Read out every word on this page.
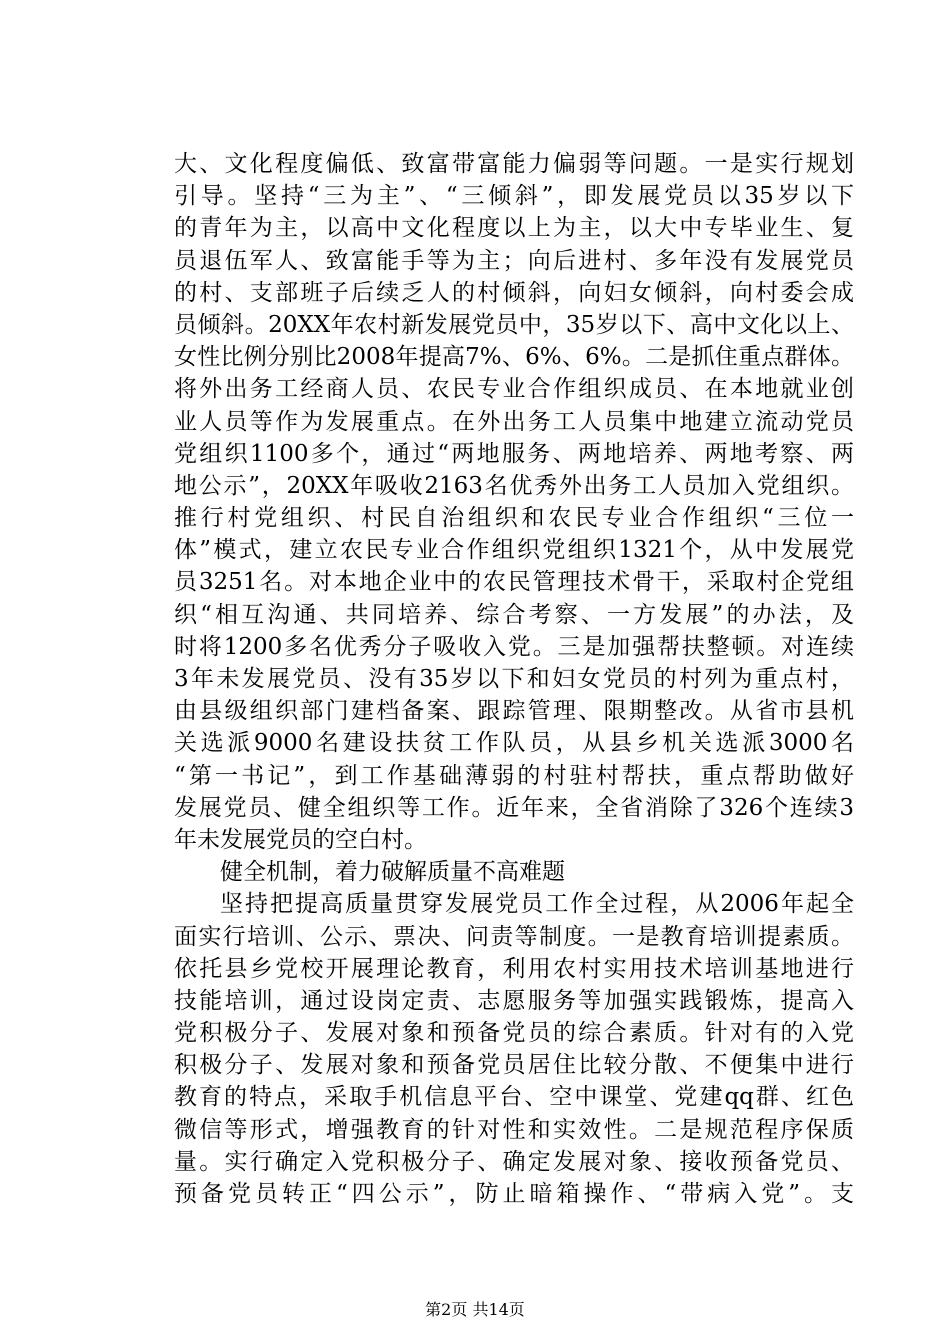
大、文化程度偏低、致富带富能力偏弱等问题。一是实行规划
引导。坚持“三为主”、“三倾斜”，即发展党员以35岁以下
的青年为主，以高中文化程度以上为主，以大中专毕业生、复
员退伍军人、致富能手等为主；向后进村、多年没有发展党员
的村、支部班子后续乏人的村倾斜，向妇女倾斜，向村委会成
员倾斜。20XX年农村新发展党员中，35岁以下、高中文化以上、
女性比例分别比2008年提高7%、6%、6%。二是抓住重点群体。
将外出务工经商人员、农民专业合作组织成员、在本地就业创
业人员等作为发展重点。在外出务工人员集中地建立流动党员
党组织1100多个，通过“两地服务、两地培养、两地考察、两
地公示”，20XX年吸收2163名优秀外出务工人员加入党组织。
推行村党组织、村民自治组织和农民专业合作组织“三位一
体”模式，建立农民专业合作组织党组织1321个，从中发展党
员3251名。对本地企业中的农民管理技术骨干，采取村企党组
织“相互沟通、共同培养、综合考察、一方发展”的办法，及
时将1200多名优秀分子吸收入党。三是加强帮扶整顿。对连续
3年未发展党员、没有35岁以下和妇女党员的村列为重点村，
由县级组织部门建档备案、跟踪管理、限期整改。从省市县机
关选派9000名建设扶贫工作队员，从县乡机关选派3000名
“第一书记”，到工作基础薄弱的村驻村帮扶，重点帮助做好
发展党员、健全组织等工作。近年来，全省消除了326个连续3
年未发展党员的空白村。
健全机制，着力破解质量不高难题
坚持把提高质量贯穿发展党员工作全过程，从2006年起全
面实行培训、公示、票决、问责等制度。一是教育培训提素质。
依托县乡党校开展理论教育，利用农村实用技术培训基地进行
技能培训，通过设岗定责、志愿服务等加强实践锻炼，提高入
党积极分子、发展对象和预备党员的综合素质。针对有的入党
积极分子、发展对象和预备党员居住比较分散、不便集中进行
教育的特点，采取手机信息平台、空中课堂、党建qq群、红色
微信等形式，增强教育的针对性和实效性。二是规范程序保质
量。实行确定入党积极分子、确定发展对象、接收预备党员、
预备党员转正“四公示”，防止暗箱操作、“带病入党”。支
第2页 共14页
